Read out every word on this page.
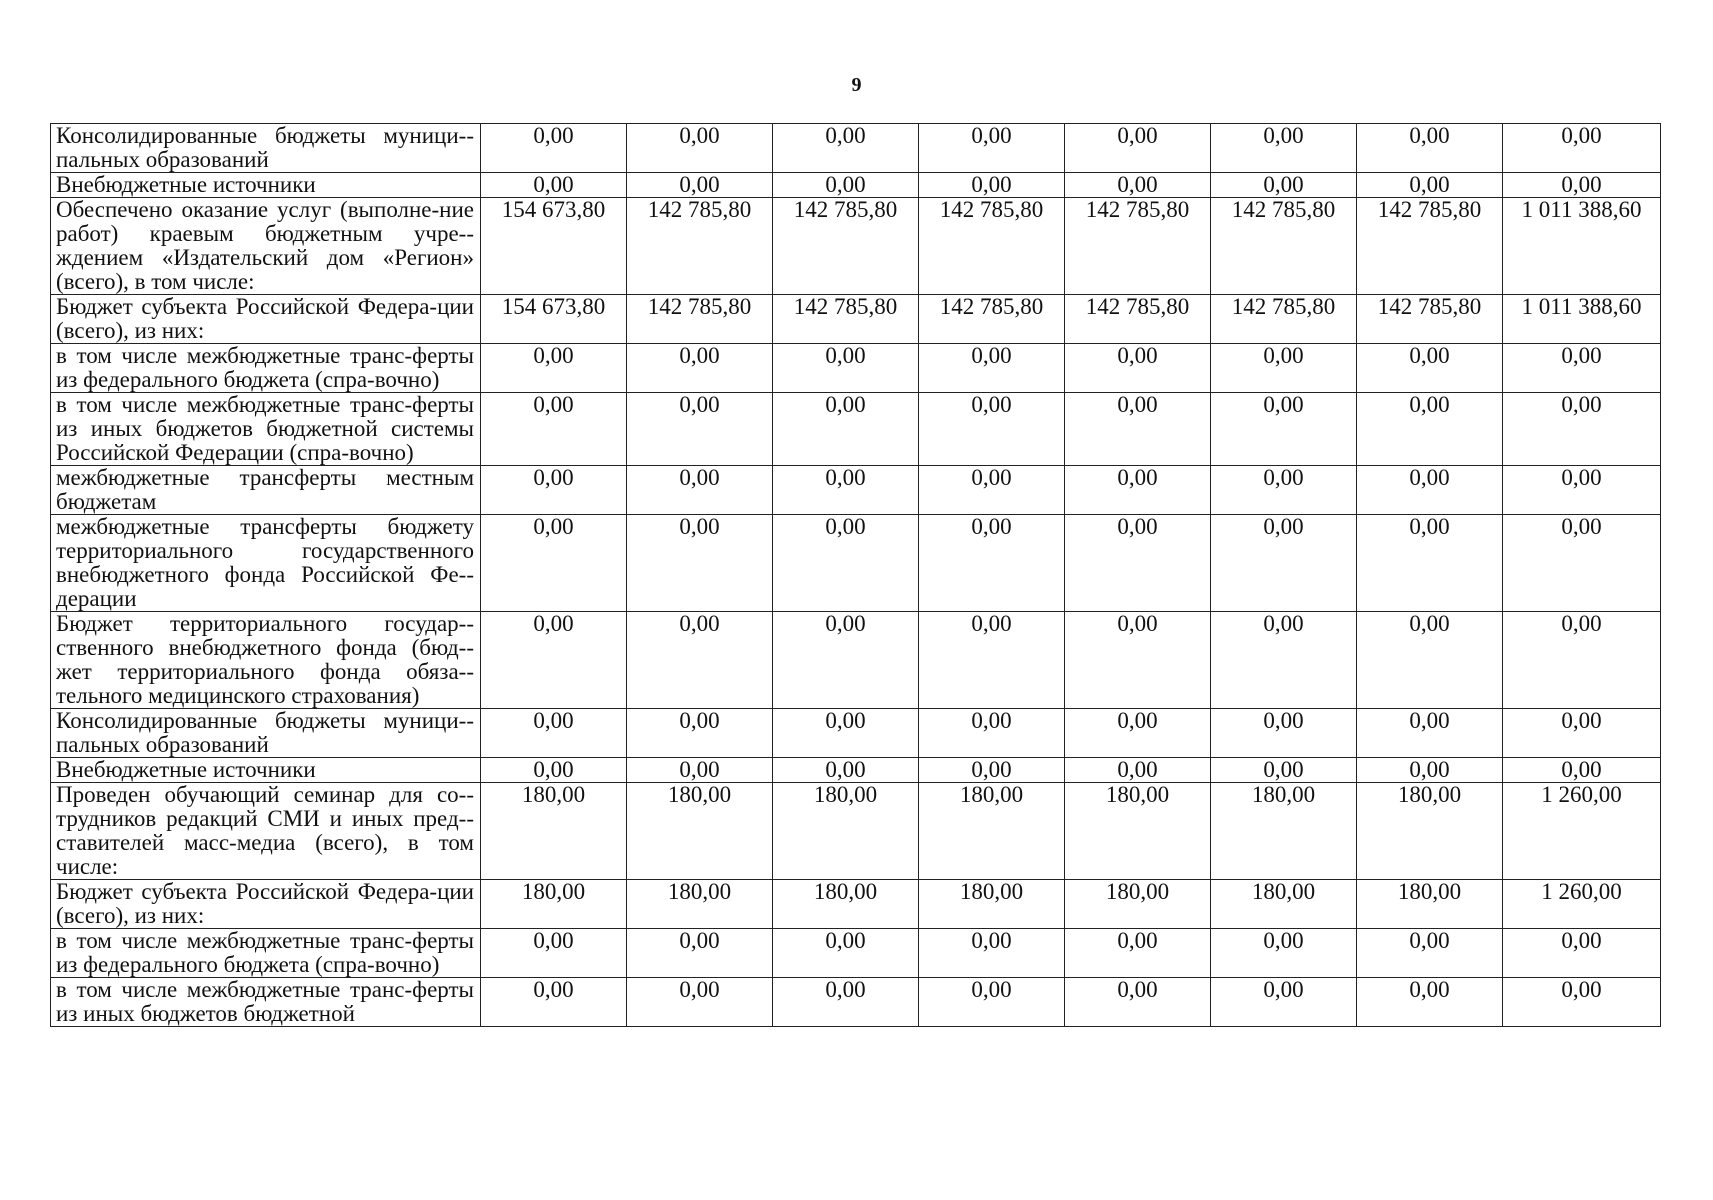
9
Консолидированные бюджеты муници-пальных образований	0,00	0,00	0,00	0,00	0,00	0,00	0,00	0,00
Внебюджетные источники	0,00	0,00	0,00	0,00	0,00	0,00	0,00	0,00
Обеспечено оказание услуг (выполне-ние работ) краевым бюджетным учре-ждением «Издательский дом «Регион» (всего), в том числе:	154 673,80	142 785,80	142 785,80	142 785,80	142 785,80	142 785,80	142 785,80	1 011 388,60
Бюджет субъекта Российской Федера-ции (всего), из них:	154 673,80	142 785,80	142 785,80	142 785,80	142 785,80	142 785,80	142 785,80	1 011 388,60
в том числе межбюджетные транс-ферты из федерального бюджета (спра-вочно)	0,00	0,00	0,00	0,00	0,00	0,00	0,00	0,00
в том числе межбюджетные транс-ферты из иных бюджетов бюджетной системы Российской Федерации (спра-вочно)	0,00	0,00	0,00	0,00	0,00	0,00	0,00	0,00
межбюджетные трансферты местным бюджетам	0,00	0,00	0,00	0,00	0,00	0,00	0,00	0,00
межбюджетные трансферты бюджету территориального государственного внебюджетного фонда Российской Фе-дерации	0,00	0,00	0,00	0,00	0,00	0,00	0,00	0,00
Бюджет территориального государ-ственного внебюджетного фонда (бюд-жет территориального фонда обяза-тельного медицинского страхования)	0,00	0,00	0,00	0,00	0,00	0,00	0,00	0,00
Консолидированные бюджеты муници-пальных образований	0,00	0,00	0,00	0,00	0,00	0,00	0,00	0,00
Внебюджетные источники	0,00	0,00	0,00	0,00	0,00	0,00	0,00	0,00
Проведен обучающий семинар для со-трудников редакций СМИ и иных пред-ставителей масс-медиа (всего), в том числе:	180,00	180,00	180,00	180,00	180,00	180,00	180,00	1 260,00
Бюджет субъекта Российской Федера-ции (всего), из них:	180,00	180,00	180,00	180,00	180,00	180,00	180,00	1 260,00
в том числе межбюджетные транс-ферты из федерального бюджета (спра-вочно)	0,00	0,00	0,00	0,00	0,00	0,00	0,00	0,00
в том числе межбюджетные транс-ферты из иных бюджетов бюджетной	0,00	0,00	0,00	0,00	0,00	0,00	0,00	0,00
